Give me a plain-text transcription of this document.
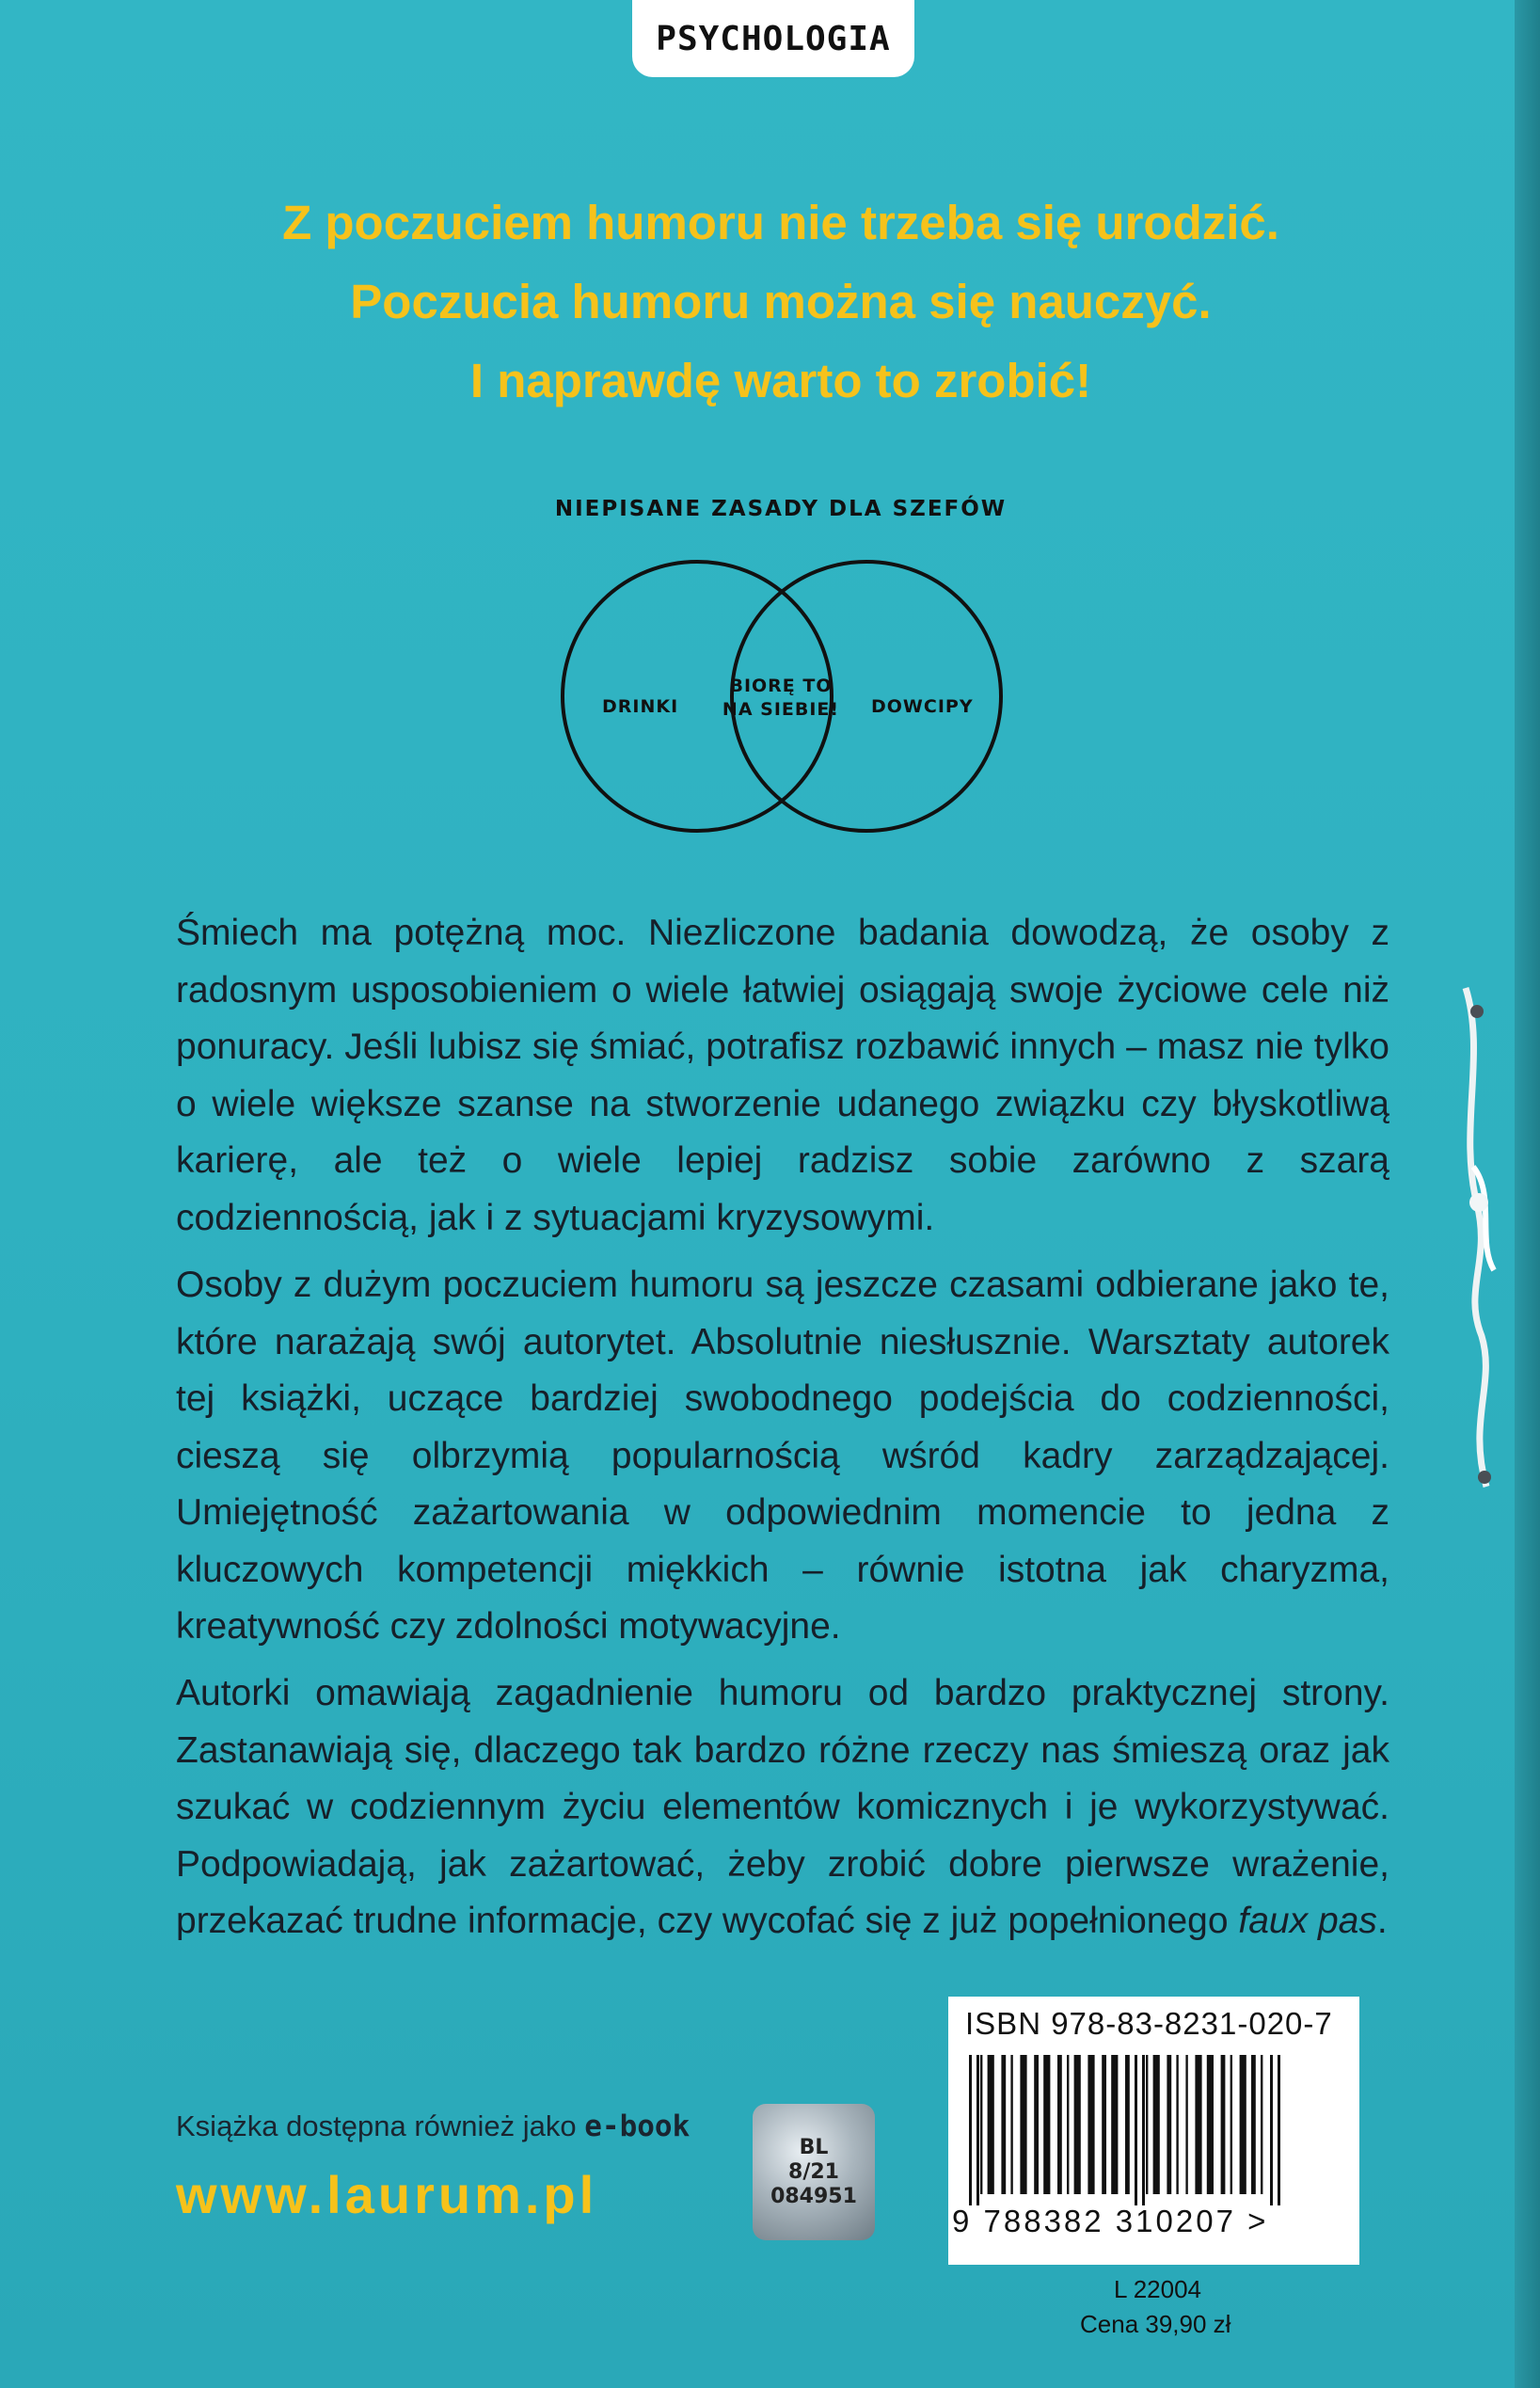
PSYCHOLOGIA
Z poczuciem humoru nie trzeba się urodzić.
Poczucia humoru można się nauczyć.
I naprawdę warto to zrobić!
NIEPISANE ZASADY DLA SZEFÓW
DRINKI
BIORĘ TO
NA SIEBIE!	DOWCIPY

Śmiech ma potężną moc. Niezliczone badania dowodzą, że osoby z radosnym usposobieniem o wiele łatwiej osiągają swoje życiowe cele niż ponuracy. Jeśli lubisz się śmiać, potrafisz rozbawić innych – masz nie tylko o wiele większe szanse na stworzenie udanego związku czy błyskotliwą karierę, ale też o wiele lepiej radzisz sobie zarówno z szarą codziennością, jak i z sytuacjami kryzysowymi.

Osoby z dużym poczuciem humoru są jeszcze czasami odbierane jako te, które narażają swój autorytet. Absolutnie niesłusznie. Warsztaty autorek tej książki, uczące bardziej swobodnego podejścia do codzienności, cieszą się olbrzymią popularnością wśród kadry zarządzającej. Umiejętność zażartowania w odpowiednim momencie to jedna z kluczowych kompetencji miękkich – równie istotna jak charyzma, kreatywność czy zdolności motywacyjne.

Autorki omawiają zagadnienie humoru od bardzo praktycznej strony. Zastanawiają się, dlaczego tak bardzo różne rzeczy nas śmieszą oraz jak szukać w codziennym życiu elementów komicznych i je wykorzystywać. Podpowiadają, jak zażartować, żeby zrobić dobre pierwsze wrażenie, przekazać trudne informacje, czy wycofać się z już popełnionego faux pas.

Książka dostępna również jako e-book
www.laurum.pl
BL
8/21
084951
ISBN 978-83-8231-020-7
9 788382 310207 >
L 22004
Cena 39,90 zł
